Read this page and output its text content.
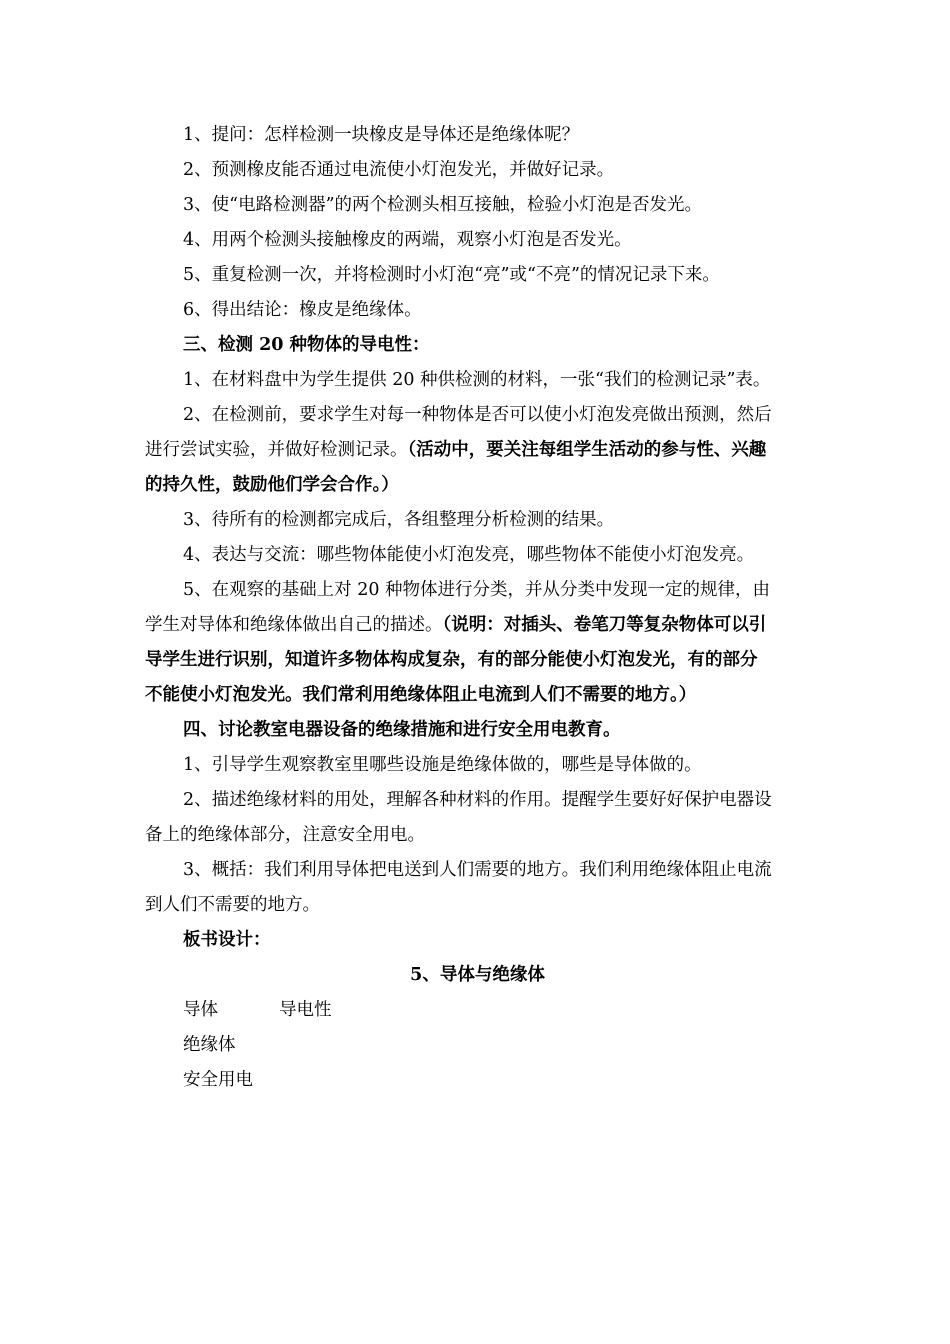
1、提问：怎样检测一块橡皮是导体还是绝缘体呢？

2、预测橡皮能否通过电流使小灯泡发光，并做好记录。

3、使“电路检测器”的两个检测头相互接触，检验小灯泡是否发光。

4、用两个检测头接触橡皮的两端，观察小灯泡是否发光。

5、重复检测一次，并将检测时小灯泡“亮”或“不亮”的情况记录下来。

6、得出结论：橡皮是绝缘体。

三、检测 20 种物体的导电性：

1、在材料盘中为学生提供 20 种供检测的材料，一张“我们的检测记录”表。

2、在检测前，要求学生对每一种物体是否可以使小灯泡发亮做出预测，然后

进行尝试实验，并做好检测记录。（活动中，要关注每组学生活动的参与性、兴趣

的持久性，鼓励他们学会合作。）

3、待所有的检测都完成后，各组整理分析检测的结果。

4、表达与交流：哪些物体能使小灯泡发亮，哪些物体不能使小灯泡发亮。

5、在观察的基础上对 20 种物体进行分类，并从分类中发现一定的规律，由

学生对导体和绝缘体做出自己的描述。（说明：对插头、卷笔刀等复杂物体可以引

导学生进行识别，知道许多物体构成复杂，有的部分能使小灯泡发光，有的部分

不能使小灯泡发光。我们常利用绝缘体阻止电流到人们不需要的地方。）

四、讨论教室电器设备的绝缘措施和进行安全用电教育。

1、引导学生观察教室里哪些设施是绝缘体做的，哪些是导体做的。

2、描述绝缘材料的用处，理解各种材料的作用。提醒学生要好好保护电器设

备上的绝缘体部分，注意安全用电。

3、概括：我们利用导体把电送到人们需要的地方。我们利用绝缘体阻止电流

到人们不需要的地方。

板书设计：

5、导体与绝缘体

导体	导电性
绝缘体
安全用电
